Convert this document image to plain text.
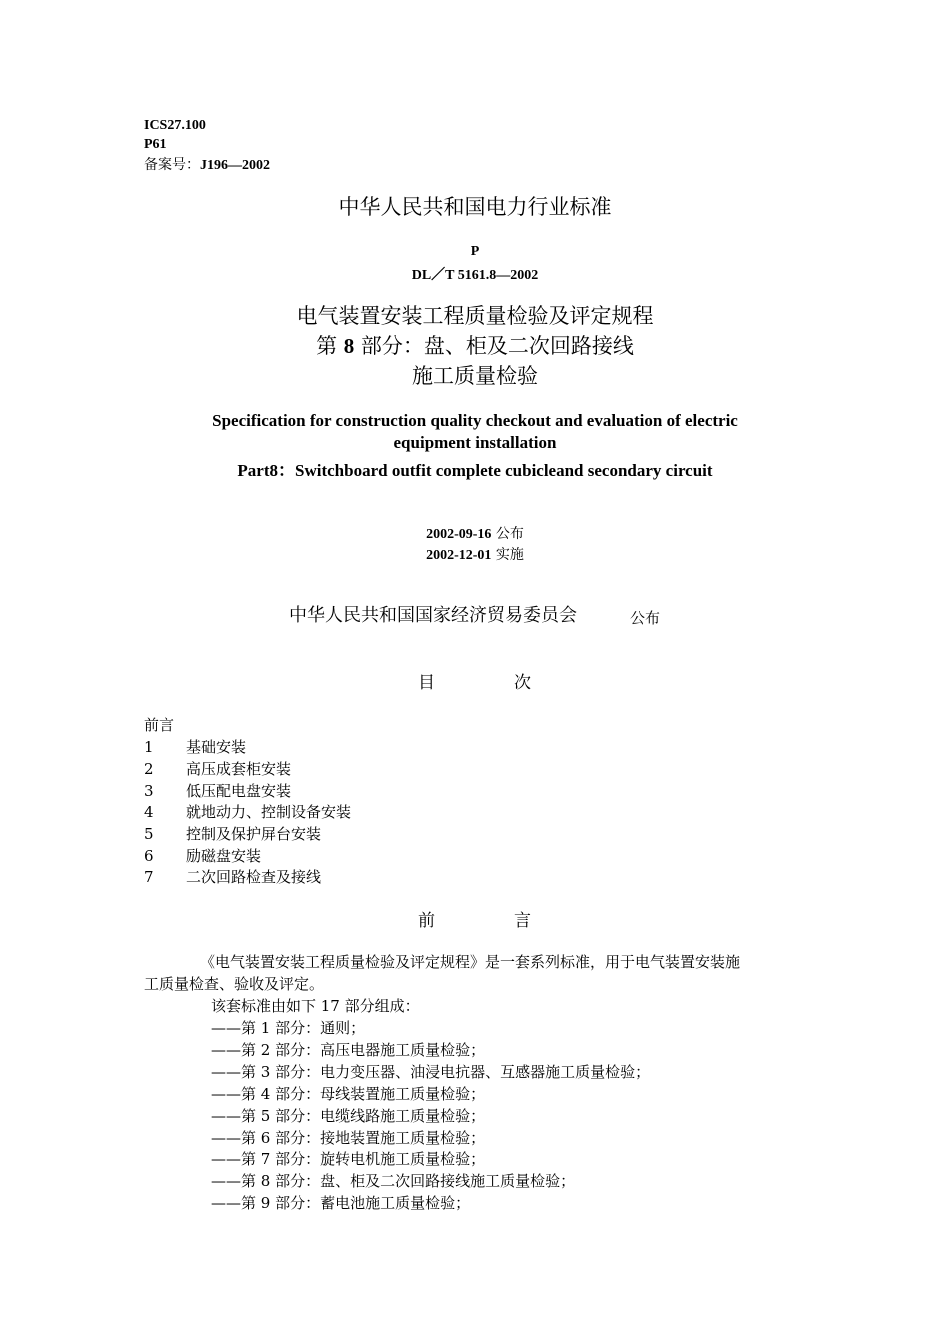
ICS27.100
P61
备案号：J196—2002
中华人民共和国电力行业标准
P
DL／T 5161.8—2002
电气装置安装工程质量检验及评定规程
第 8 部分：盘、柜及二次回路接线
施工质量检验
Specification for construction quality checkout and evaluation of electric
equipment installation
Part8：Switchboard outfit complete cubicleand secondary circuit
2002-09-16 公布
2002-12-01 实施
中华人民共和国国家经济贸易委员会	公布
目	次
前言
1 基础安装
2 高压成套柜安装
3 低压配电盘安装
4 就地动力、控制设备安装
5 控制及保护屏台安装
6 励磁盘安装
7 二次回路检查及接线
前	言
《电气装置安装工程质量检验及评定规程》是一套系列标准，用于电气装置安装施
工质量检查、验收及评定。
该套标准由如下 17 部分组成：
——第 1 部分：通则；
——第 2 部分：高压电器施工质量检验；
——第 3 部分：电力变压器、油浸电抗器、互感器施工质量检验；
——第 4 部分：母线装置施工质量检验；
——第 5 部分：电缆线路施工质量检验；
——第 6 部分：接地装置施工质量检验；
——第 7 部分：旋转电机施工质量检验；
——第 8 部分：盘、柜及二次回路接线施工质量检验；
——第 9 部分：蓄电池施工质量检验；
